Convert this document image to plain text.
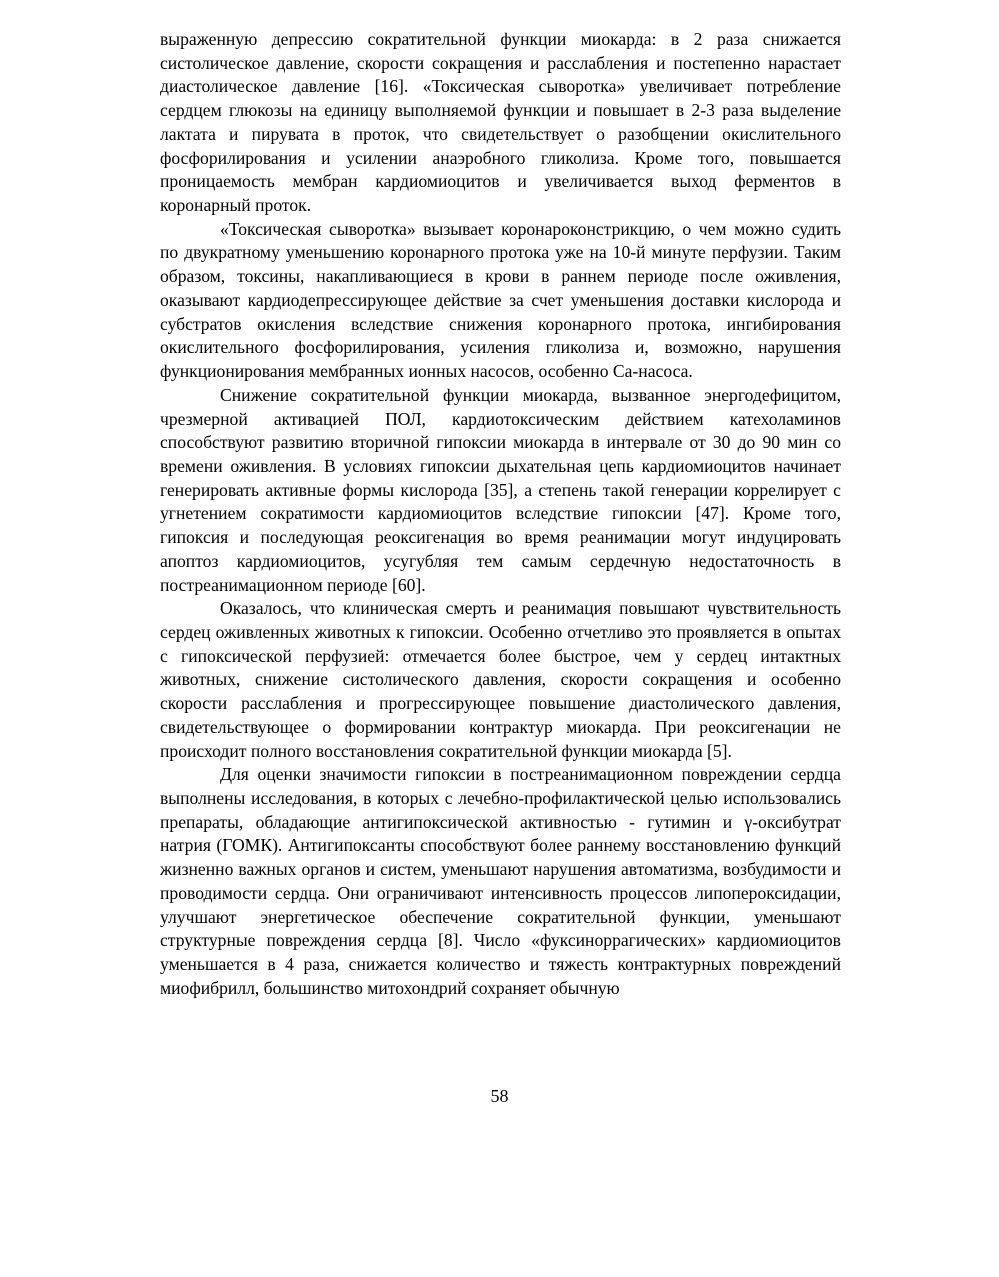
выраженную депрессию сократительной функции миокарда: в 2 раза снижается систолическое давление, скорости сокращения и расслабления и постепенно нарастает диастолическое давление [16]. «Токсическая сыворотка» увеличивает потребление сердцем глюкозы на единицу выполняемой функции и повышает в 2-3 раза выделение лактата и пирувата в проток, что свидетельствует о разобщении окислительного фосфорилирования и усилении анаэробного гликолиза. Кроме того, повышается проницаемость мембран кардиомиоцитов и увеличивается выход ферментов в коронарный проток.

«Токсическая сыворотка» вызывает коронароконстрикцию, о чем можно судить по двукратному уменьшению коронарного протока уже на 10-й минуте перфузии. Таким образом, токсины, накапливающиеся в крови в раннем периоде после оживления, оказывают кардиодепрессирующее действие за счет уменьшения доставки кислорода и субстратов окисления вследствие снижения коронарного протока, ингибирования окислительного фосфорилирования, усиления гликолиза и, возможно, нарушения функционирования мембранных ионных насосов, особенно Са-насоса.

Снижение сократительной функции миокарда, вызванное энергодефицитом, чрезмерной активацией ПОЛ, кардиотоксическим действием катехоламинов способствуют развитию вторичной гипоксии миокарда в интервале от 30 до 90 мин со времени оживления. В условиях гипоксии дыхательная цепь кардиомиоцитов начинает генерировать активные формы кислорода [35], а степень такой генерации коррелирует с угнетением сократимости кардиомиоцитов вследствие гипоксии [47]. Кроме того, гипоксия и последующая реоксигенация во время реанимации могут индуцировать апоптоз кардиомиоцитов, усугубляя тем самым сердечную недостаточность в постреанимационном периоде [60].

Оказалось, что клиническая смерть и реанимация повышают чувствительность сердец оживленных животных к гипоксии. Особенно отчетливо это проявляется в опытах с гипоксической перфузией: отмечается более быстрое, чем у сердец интактных животных, снижение систолического давления, скорости сокращения и особенно скорости расслабления и прогрессирующее повышение диастолического давления, свидетельствующее о формировании контрактур миокарда. При реоксигенации не происходит полного восстановления сократительной функции миокарда [5].

Для оценки значимости гипоксии в постреанимационном повреждении сердца выполнены исследования, в которых с лечебно-профилактической целью использовались препараты, обладающие антигипоксической активностью - гутимин и γ-оксибутрат натрия (ГОМК). Антигипоксанты способствуют более раннему восстановлению функций жизненно важных органов и систем, уменьшают нарушения автоматизма, возбудимости и проводимости сердца. Они ограничивают интенсивность процессов липопероксидации, улучшают энергетическое обеспечение сократительной функции, уменьшают структурные повреждения сердца [8]. Число «фуксиноррагических» кардиомиоцитов уменьшается в 4 раза, снижается количество и тяжесть контрактурных повреждений миофибрилл, большинство митохондрий сохраняет обычную

58
